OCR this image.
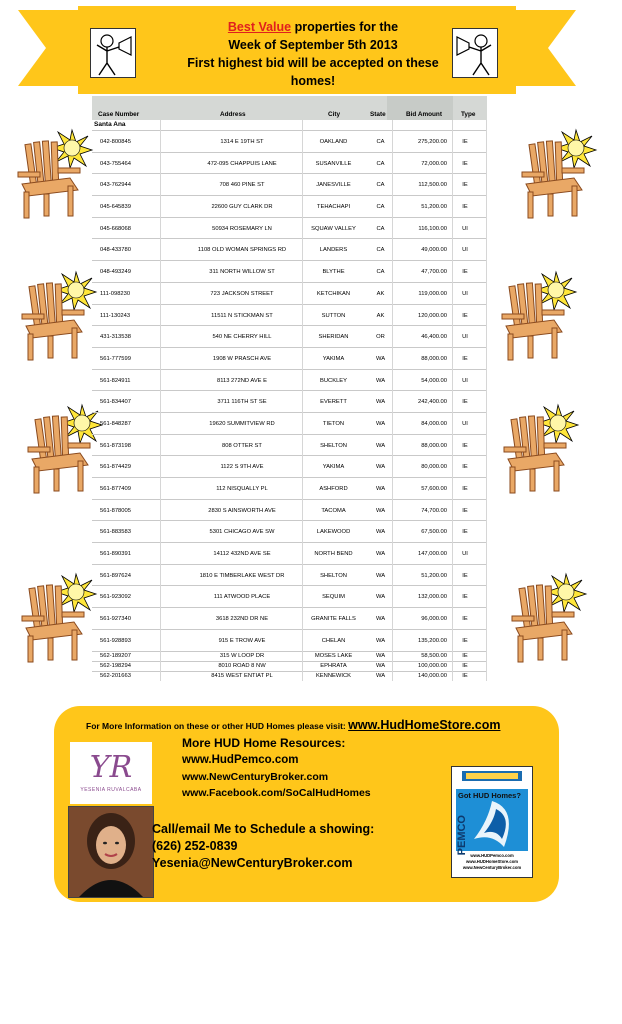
Best Value properties for the
Week of September 5th 2013
First highest bid will be accepted on these
homes!
Case Number	Address	City	State	Bid Amount	Type
Santa Ana
042-800845	1314 E 19TH ST	OAKLAND	CA	275,200.00	IE
043-755464	472-095 CHAPPUIS LANE	SUSANVILLE	CA	72,000.00	IE
043-762944	708 460 PINE ST	JANESVILLE	CA	112,500.00	IE
045-645839	22600 GUY CLARK DR	TEHACHAPI	CA	51,200.00	IE
045-668068	50934 ROSEMARY LN	SQUAW VALLEY	CA	116,100.00	UI
048-433780	1108 OLD WOMAN SPRINGS RD	LANDERS	CA	49,000.00	UI
048-493249	311 NORTH WILLOW ST	BLYTHE	CA	47,700.00	IE
111-098230	723 JACKSON STREET	KETCHIKAN	AK	119,000.00	UI
111-130243	11511 N STICKMAN ST	SUTTON	AK	120,000.00	IE
431-313538	540 NE CHERRY HILL	SHERIDAN	OR	46,400.00	UI
561-777599	1908 W PRASCH AVE	YAKIMA	WA	88,000.00	IE
561-824911	8113 272ND AVE E	BUCKLEY	WA	54,000.00	UI
561-834407	3711 116TH ST SE	EVERETT	WA	242,400.00	IE
561-848287	19620 SUMMITVIEW RD	TIETON	WA	84,000.00	UI
561-873198	808 OTTER ST	SHELTON	WA	88,000.00	IE
561-874429	1122 S 9TH AVE	YAKIMA	WA	80,000.00	IE
561-877409	112 NISQUALLY PL	ASHFORD	WA	57,600.00	IE
561-878005	2830 S AINSWORTH AVE	TACOMA	WA	74,700.00	IE
561-883583	5301 CHICAGO AVE SW	LAKEWOOD	WA	67,500.00	IE
561-890391	14112 432ND AVE SE	NORTH BEND	WA	147,000.00	UI
561-897624	1810 E TIMBERLAKE WEST DR	SHELTON	WA	51,200.00	IE
561-923092	111 ATWOOD PLACE	SEQUIM	WA	132,000.00	IE
561-927340	3618 232ND DR NE	GRANITE FALLS	WA	96,000.00	IE
561-928893	915 E TROW AVE	CHELAN	WA	135,200.00	IE
562-189207	315 W LOOP DR	MOSES LAKE	WA	58,500.00	IE
562-198294	8010 ROAD 8 NW	EPHRATA	WA	100,000.00	IE
562-201663	8415 WEST ENTIAT PL	KENNEWICK	WA	140,000.00	IE
For More Information on these or other HUD Homes please visit: www.HudHomeStore.com
More HUD Home Resources:
www.HudPemco.com
www.NewCenturyBroker.com
www.Facebook.com/SoCalHudHomes
YR
YESENIA RUVALCABA
Call/email Me to Schedule a showing:
(626) 252-0839
Yesenia@NewCenturyBroker.com
Got HUD Homes?
PEMCO
www.HUDPemco.com
www.HUDHomeStore.com
www.NewCenturyBroker.com
